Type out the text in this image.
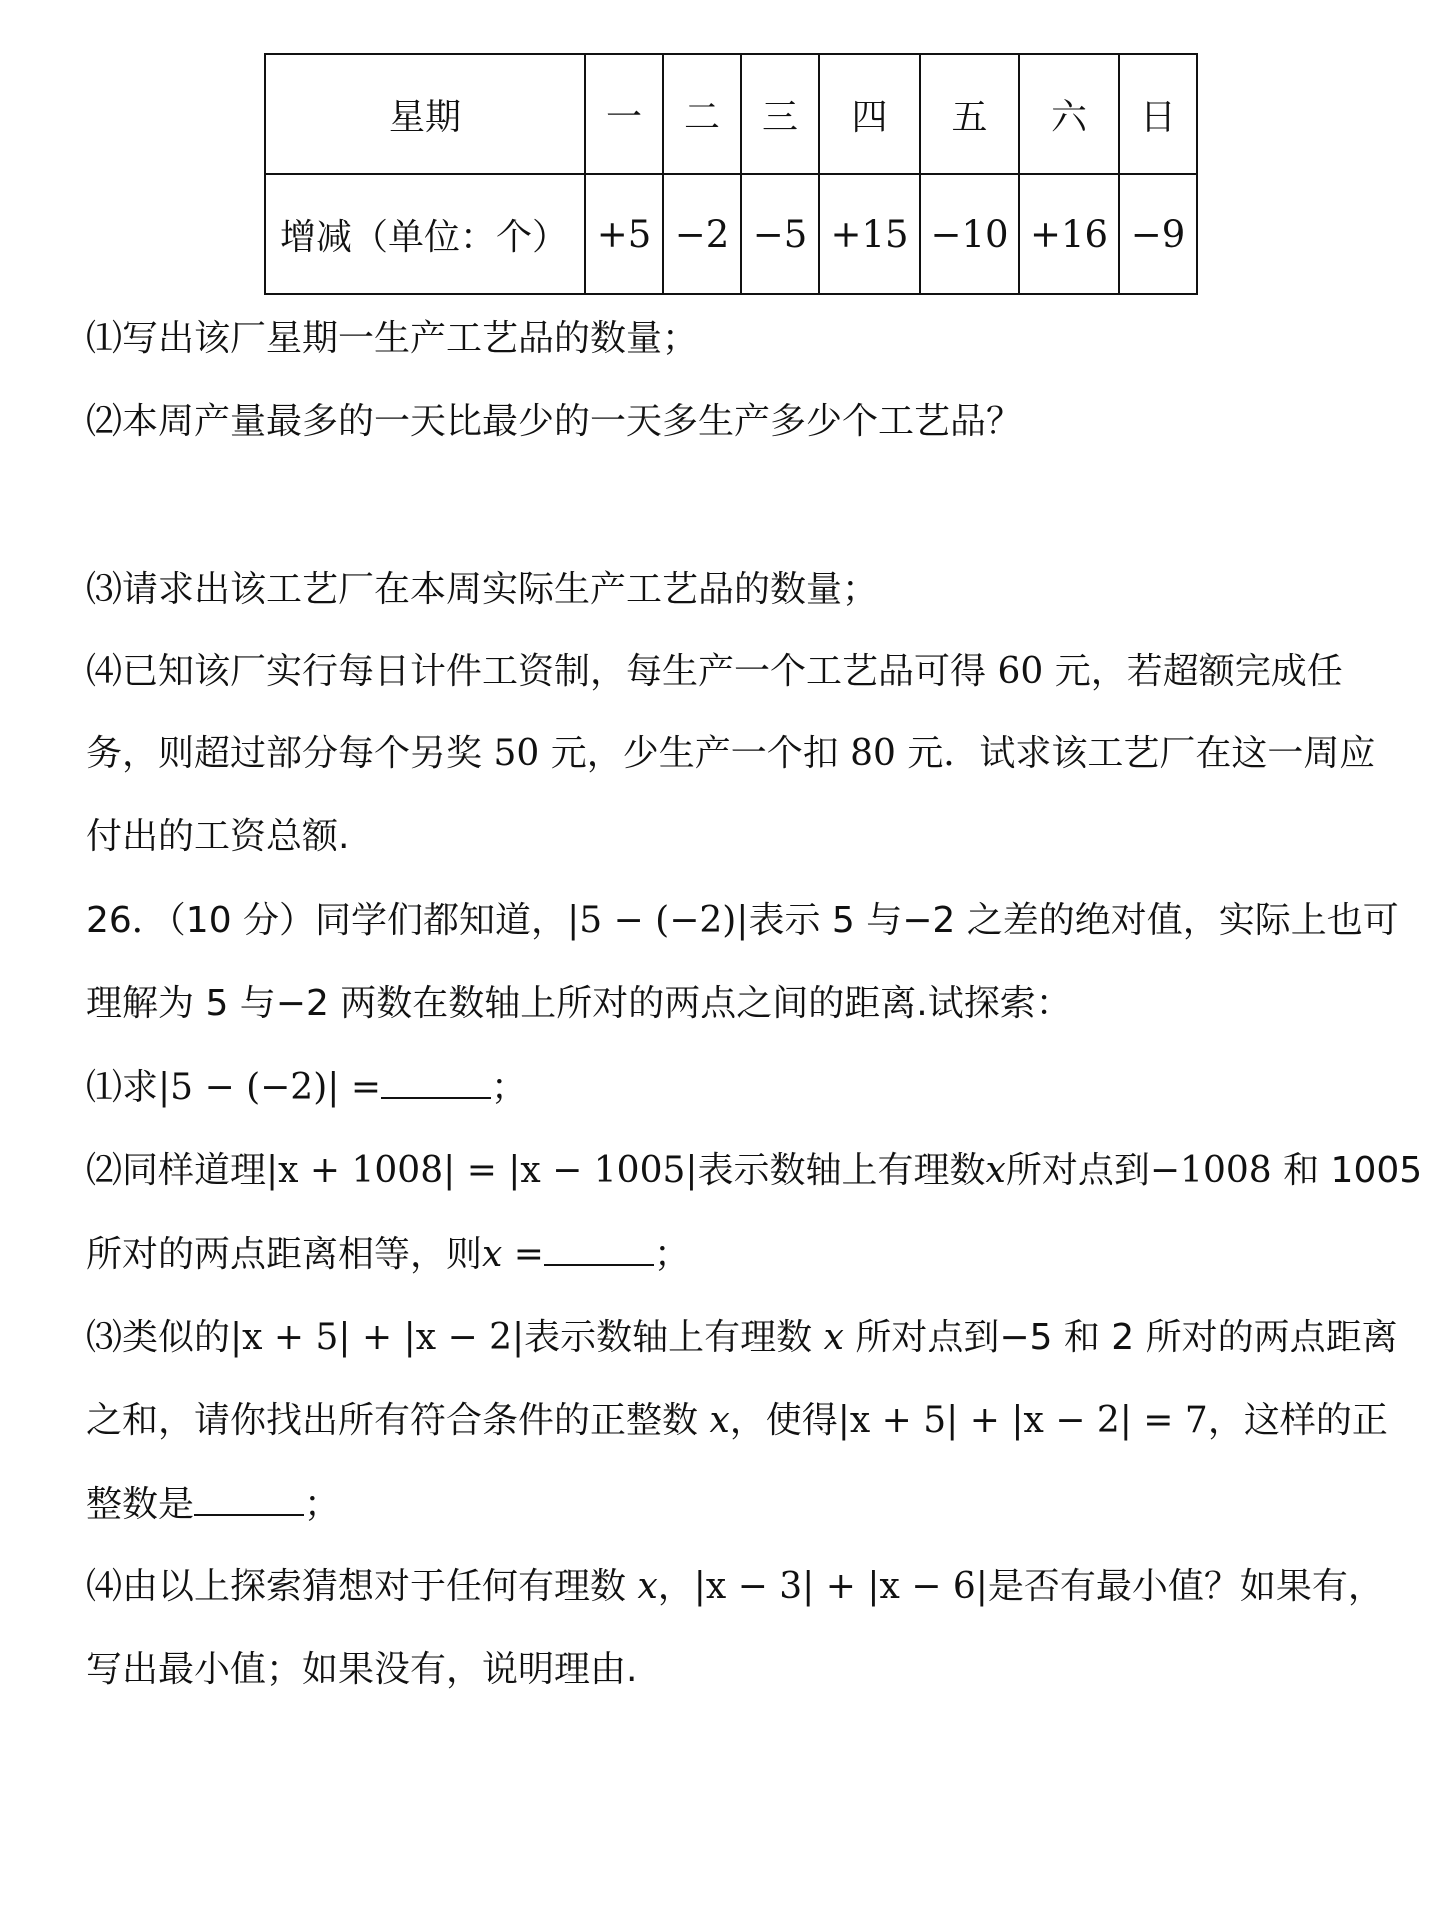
星期	一	二	三	四	五	六	日
增减（单位：个）	+5	−2	−5	+15	−10	+16	−9
⑴写出该厂星期一生产工艺品的数量；
⑵本周产量最多的一天比最少的一天多生产多少个工艺品？
⑶请求出该工艺厂在本周实际生产工艺品的数量；
⑷已知该厂实行每日计件工资制，每生产一个工艺品可得 60 元，若超额完成任
务，则超过部分每个另奖 50 元，少生产一个扣 80 元．试求该工艺厂在这一周应
付出的工资总额.
26．（10 分）同学们都知道，|5 − (−2)|表示 5 与−2 之差的绝对值，实际上也可
理解为 5 与−2 两数在数轴上所对的两点之间的距离.试探索：
⑴求|5 − (−2)| =	；
⑵同样道理|x + 1008| = |x − 1005|表示数轴上有理数x所对点到−1008 和 1005
所对的两点距离相等，则x =	；
⑶类似的|x + 5| + |x − 2|表示数轴上有理数 x 所对点到−5 和 2 所对的两点距离
之和，请你找出所有符合条件的正整数 x，使得|x + 5| + |x − 2| = 7，这样的正
整数是	；
⑷由以上探索猜想对于任何有理数 x，|x − 3| + |x − 6|是否有最小值？如果有，
写出最小值；如果没有，说明理由.
